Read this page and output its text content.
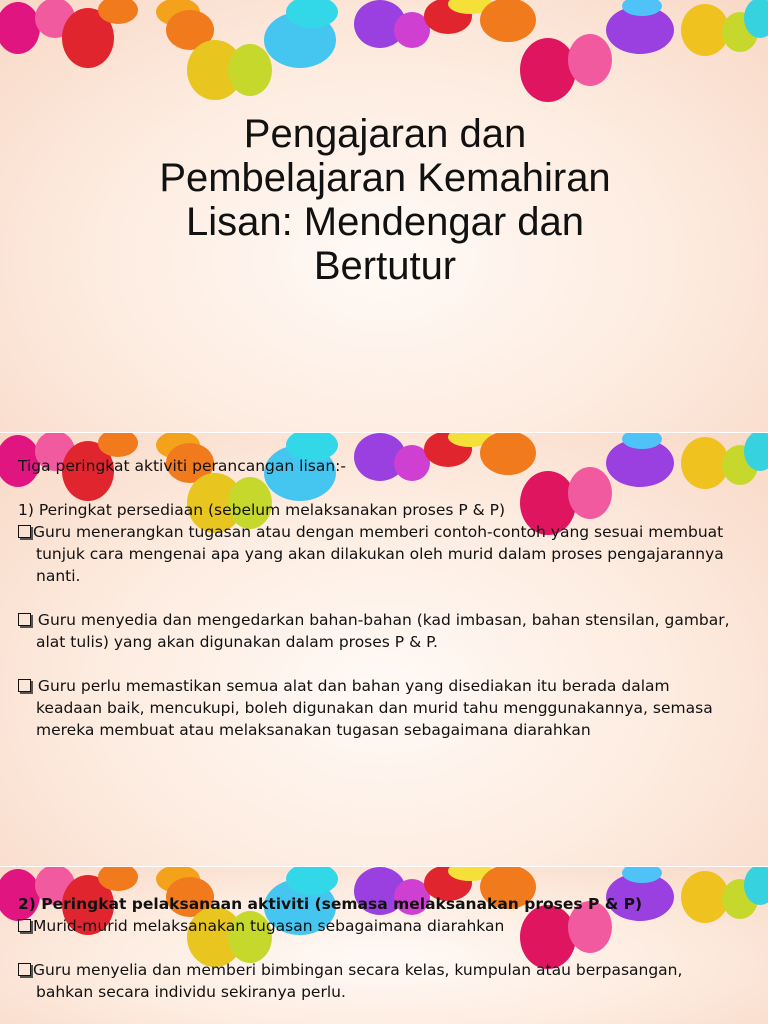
Pengajaran dan
Pembelajaran Kemahiran
Lisan: Mendengar dan
Bertutur

Tiga peringkat aktiviti perancangan lisan:-

1) Peringkat persediaan (sebelum melaksanakan proses P & P)

Guru menerangkan tugasan atau dengan memberi contoh-contoh yang sesuai membuat

tunjuk cara mengenai apa yang akan dilakukan oleh murid dalam proses pengajarannya

nanti.

Guru menyedia dan mengedarkan bahan-bahan (kad imbasan, bahan stensilan, gambar,

alat tulis) yang akan digunakan dalam proses P & P.

Guru perlu memastikan semua alat dan bahan yang disediakan itu berada dalam

keadaan baik, mencukupi, boleh digunakan dan murid tahu menggunakannya, semasa

mereka membuat atau melaksanakan tugasan sebagaimana diarahkan

2) Peringkat pelaksanaan aktiviti (semasa melaksanakan proses P & P)

Murid-murid melaksanakan tugasan sebagaimana diarahkan

Guru menyelia dan memberi bimbingan secara kelas, kumpulan atau berpasangan,

bahkan secara individu sekiranya perlu.
